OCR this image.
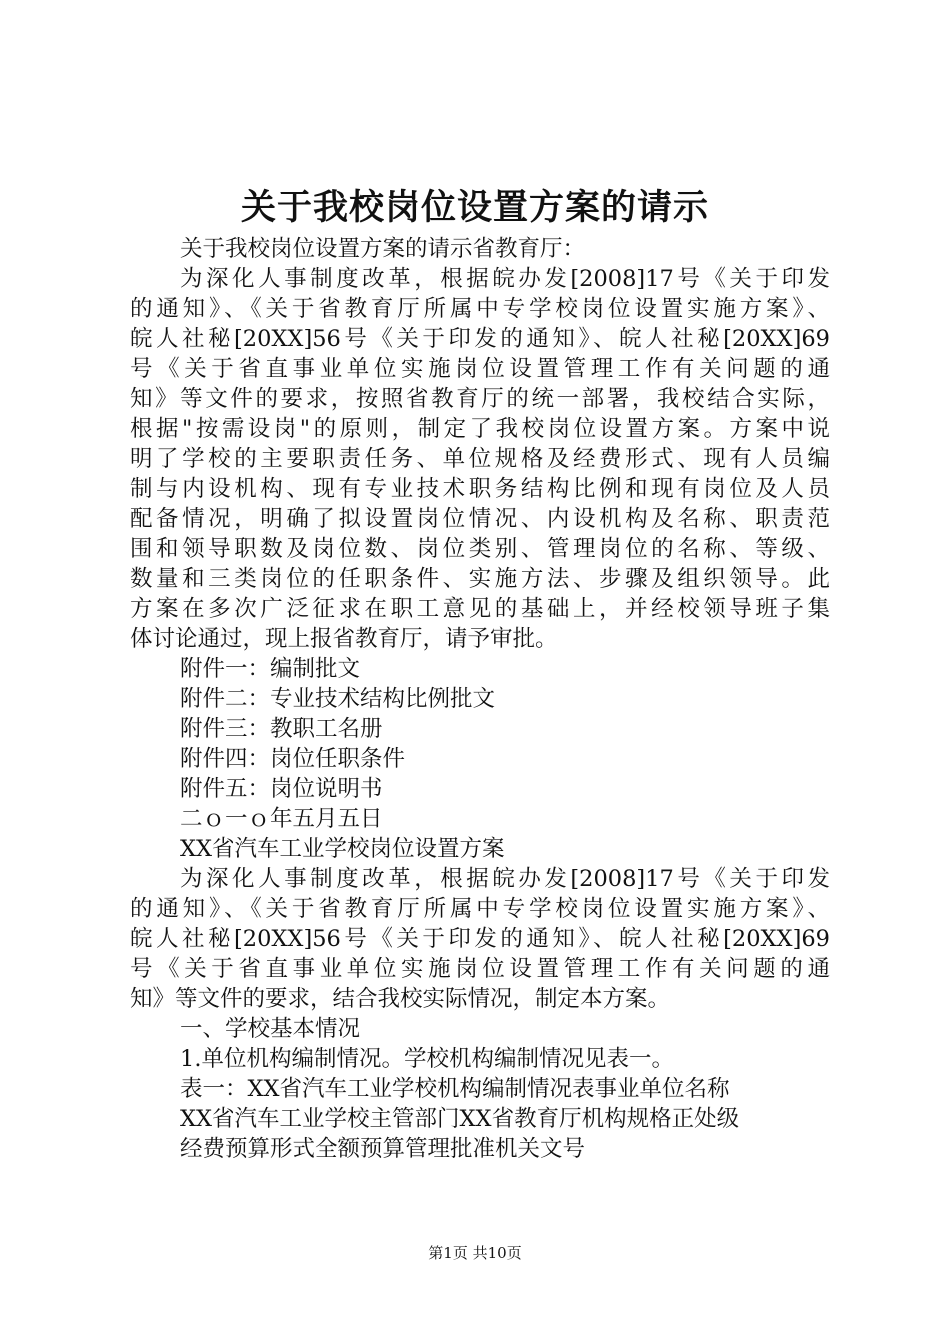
关于我校岗位设置方案的请示
关于我校岗位设置方案的请示省教育厅：
为深化人事制度改革，根据皖办发[2008]17号《关于印发
的通知》、《关于省教育厅所属中专学校岗位设置实施方案》、
皖人社秘[20XX]56号《关于印发的通知》、皖人社秘[20XX]69
号《关于省直事业单位实施岗位设置管理工作有关问题的通
知》等文件的要求，按照省教育厅的统一部署，我校结合实际，
根据"按需设岗"的原则，制定了我校岗位设置方案。方案中说
明了学校的主要职责任务、单位规格及经费形式、现有人员编
制与内设机构、现有专业技术职务结构比例和现有岗位及人员
配备情况，明确了拟设置岗位情况、内设机构及名称、职责范
围和领导职数及岗位数、岗位类别、管理岗位的名称、等级、
数量和三类岗位的任职条件、实施方法、步骤及组织领导。此
方案在多次广泛征求在职工意见的基础上，并经校领导班子集
体讨论通过，现上报省教育厅，请予审批。
附件一：编制批文
附件二：专业技术结构比例批文
附件三：教职工名册
附件四：岗位任职条件
附件五：岗位说明书
二ｏ一ｏ年五月五日
XX省汽车工业学校岗位设置方案
为深化人事制度改革，根据皖办发[2008]17号《关于印发
的通知》、《关于省教育厅所属中专学校岗位设置实施方案》、
皖人社秘[20XX]56号《关于印发的通知》、皖人社秘[20XX]69
号《关于省直事业单位实施岗位设置管理工作有关问题的通
知》等文件的要求，结合我校实际情况，制定本方案。
一、学校基本情况
1.单位机构编制情况。学校机构编制情况见表一。
表一：XX省汽车工业学校机构编制情况表事业单位名称
XX省汽车工业学校主管部门XX省教育厅机构规格正处级
经费预算形式全额预算管理批准机关文号
第1页 共10页
